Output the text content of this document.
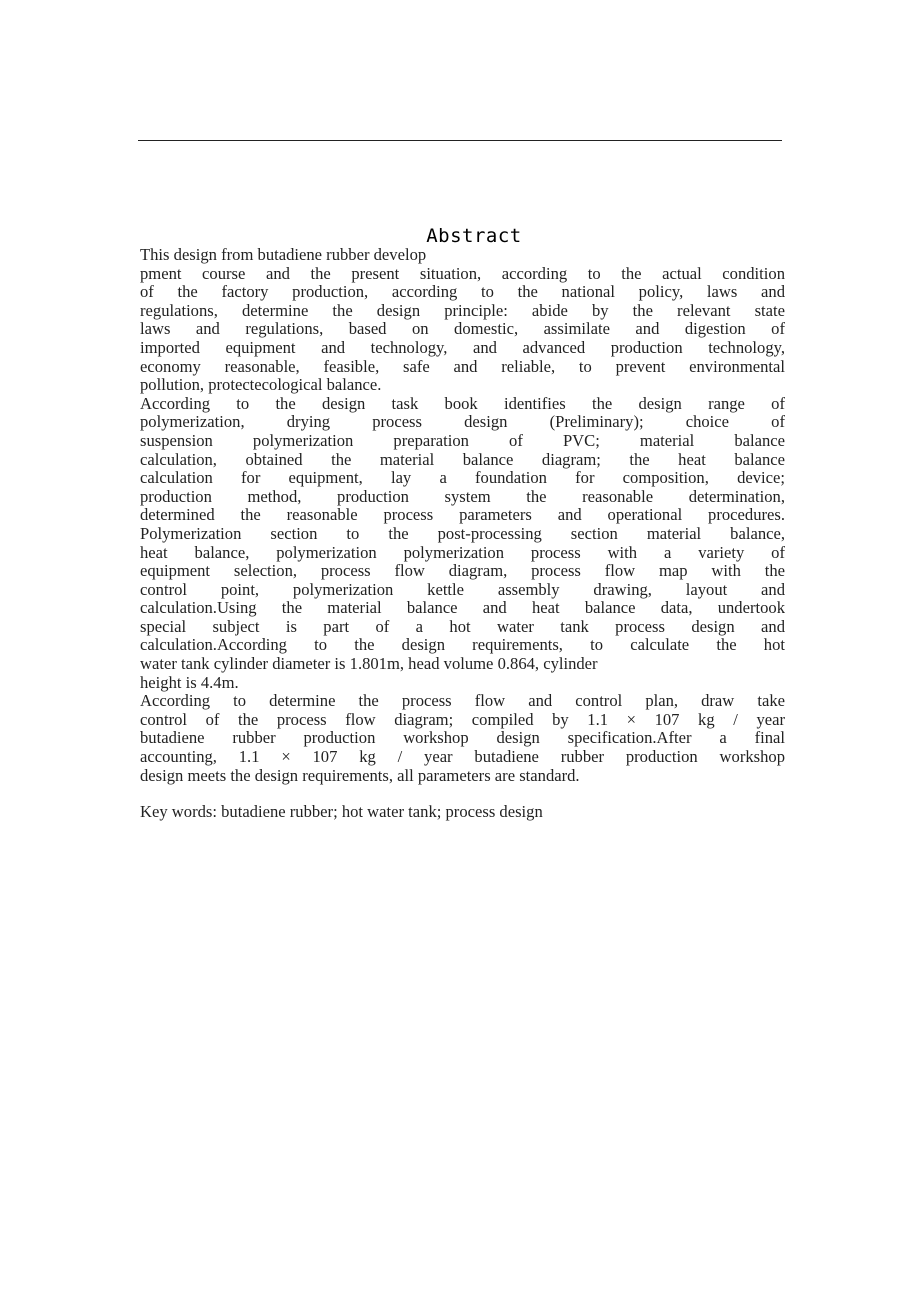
Abstract
This design from butadiene rubber develop
pment course and the present situation, according to the actual condition
of the factory production, according to the national policy, laws and
regulations, determine the design principle: abide by the relevant state
laws and regulations, based on domestic, assimilate and digestion of
imported equipment and technology, and advanced production technology,
economy reasonable, feasible, safe and reliable, to prevent environmental
pollution, protectecological balance.
According to the design task book identifies the design range of
polymerization, drying process design (Preliminary); choice of
suspension polymerization preparation of PVC; material balance
calculation, obtained the material balance diagram; the heat balance
calculation for equipment, lay a foundation for composition, device;
production method, production system the reasonable determination,
determined the reasonable process parameters and operational procedures.
Polymerization section to the post-processing section material balance,
heat balance, polymerization polymerization process with a variety of
equipment selection, process flow diagram, process flow map with the
control point, polymerization kettle assembly drawing, layout and
calculation.Using the material balance and heat balance data, undertook
special subject is part of a hot water tank process design and
calculation.According to the design requirements, to calculate the hot
water tank cylinder diameter is 1.801m, head volume 0.864, cylinder
height is 4.4m.
According to determine the process flow and control plan, draw take
control of the process flow diagram; compiled by 1.1 × 107 kg / year
butadiene rubber production workshop design specification.After a final
accounting, 1.1 × 107 kg / year butadiene rubber production workshop
design meets the design requirements, all parameters are standard.
Key words: butadiene rubber; hot water tank; process design
